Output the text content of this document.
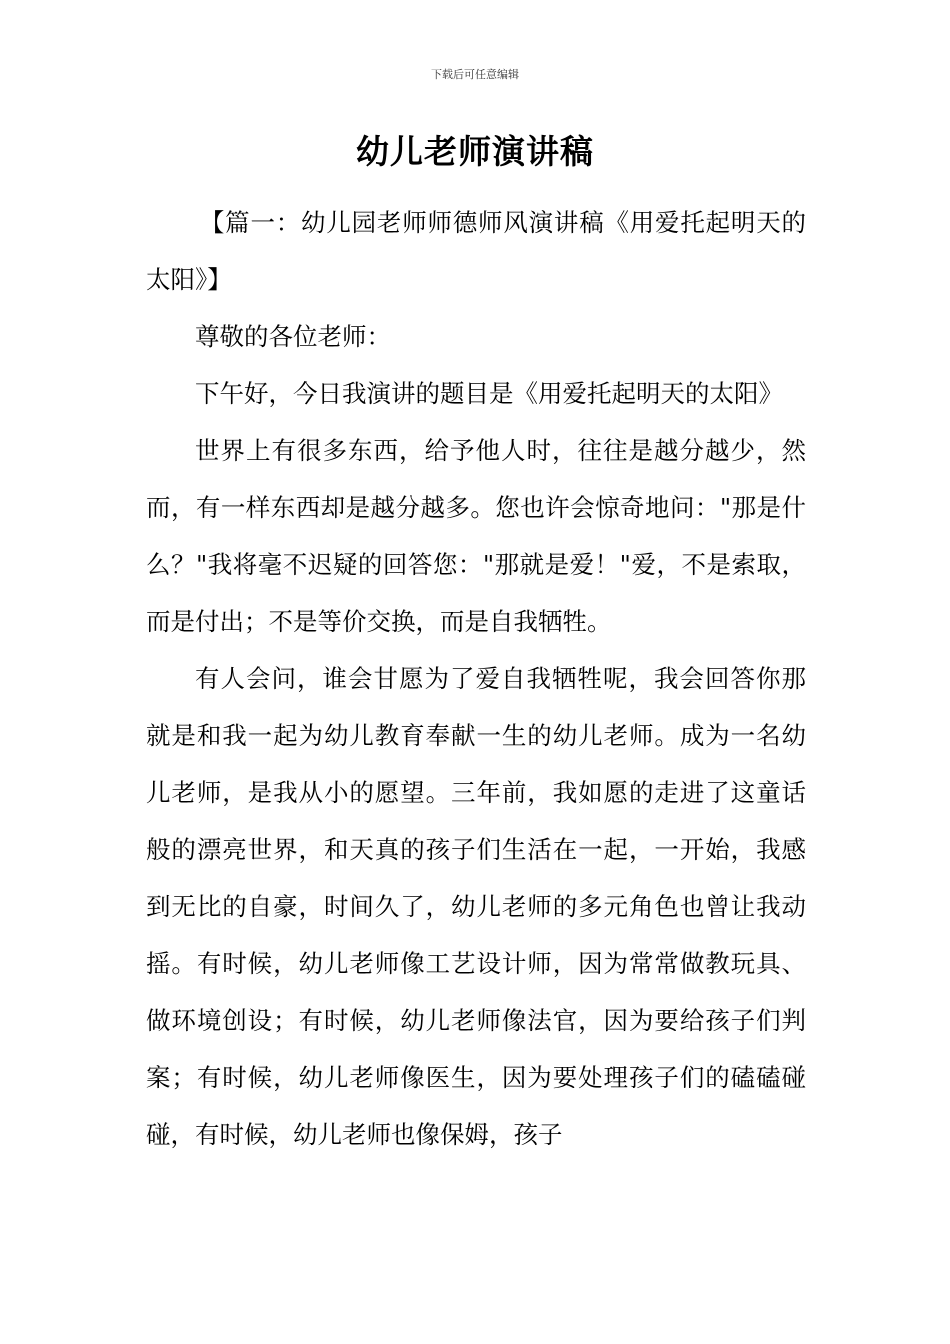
下载后可任意编辑
幼儿老师演讲稿

【篇一：幼儿园老师师德师风演讲稿《用爱托起明天的太阳》】

尊敬的各位老师：

下午好，今日我演讲的题目是《用爱托起明天的太阳》

世界上有很多东西，给予他人时，往往是越分越少，然而，有一样东西却是越分越多。您也许会惊奇地问："那是什么？"我将毫不迟疑的回答您："那就是爱！"爱，不是索取，而是付出；不是等价交换，而是自我牺牲。

有人会问，谁会甘愿为了爱自我牺牲呢，我会回答你那就是和我一起为幼儿教育奉献一生的幼儿老师。成为一名幼儿老师，是我从小的愿望。三年前，我如愿的走进了这童话般的漂亮世界，和天真的孩子们生活在一起，一开始，我感到无比的自豪，时间久了，幼儿老师的多元角色也曾让我动摇。有时候，幼儿老师像工艺设计师，因为常常做教玩具、做环境创设；有时候，幼儿老师像法官，因为要给孩子们判案；有时候，幼儿老师像医生，因为要处理孩子们的磕磕碰碰，有时候，幼儿老师也像保姆，孩子
